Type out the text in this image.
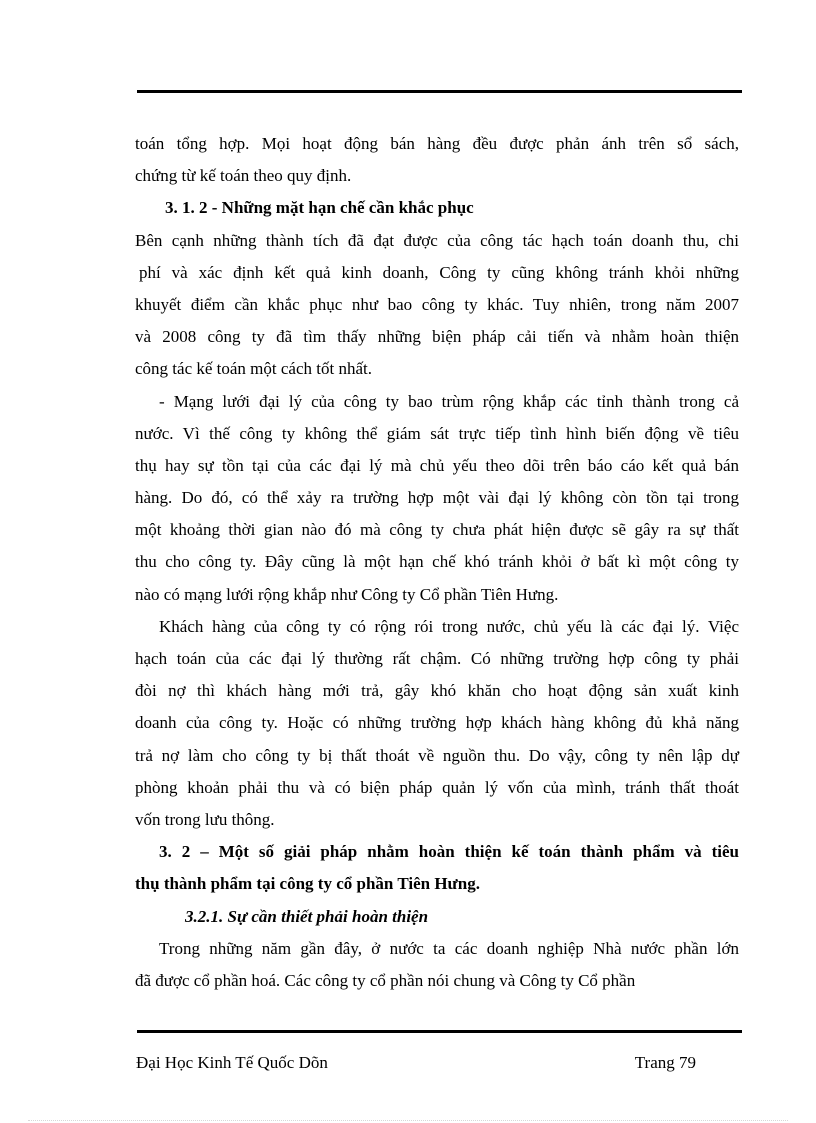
toán tổng hợp. Mọi hoạt động bán hàng đều được phản ánh trên sổ sách,
chứng từ kế toán theo quy định.
3. 1. 2 - Những mặt hạn chế cần khắc phục
Bên cạnh những thành tích đã đạt được của công tác hạch toán doanh thu, chi
phí và xác định kết quả kinh doanh, Công ty cũng không tránh khỏi những
khuyết điểm cần khắc phục như bao công ty khác. Tuy nhiên, trong năm 2007
và 2008 công ty đã tìm thấy những biện pháp cải tiến và nhằm hoàn thiện
công tác kế toán một cách tốt nhất.
- Mạng lưới đại lý của công ty bao trùm rộng khắp các tỉnh thành trong cả
nước. Vì thế công ty không thể giám sát trực tiếp tình hình biến động về tiêu
thụ hay sự tồn tại của các đại lý mà chủ yếu theo dõi trên báo cáo kết quả bán
hàng. Do đó, có thể xảy ra trường hợp một vài đại lý không còn tồn tại trong
một khoảng thời gian nào đó mà công ty chưa phát hiện được sẽ gây ra sự thất
thu cho công ty. Đây cũng là một hạn chế khó tránh khỏi ở bất kì một công ty
nào có mạng lưới rộng khắp như Công ty Cổ phần Tiên Hưng.
Khách hàng của công ty có rộng rói trong nước, chủ yếu là các đại lý. Việc
hạch toán của các đại lý thường rất chậm. Có những trường hợp công ty phải
đòi nợ thì khách hàng mới trả, gây khó khăn cho hoạt động sản xuất kinh
doanh của công ty. Hoặc có những trường hợp khách hàng không đủ khả năng
trả nợ làm cho công ty bị thất thoát về nguồn thu. Do vậy, công ty nên lập dự
phòng khoản phải thu và có biện pháp quản lý vốn của mình, tránh thất thoát
vốn trong lưu thông.
3. 2 – Một số giải pháp nhằm hoàn thiện kế toán thành phẩm và tiêu
thụ thành phẩm tại công ty cổ phần Tiên Hưng.
3.2.1. Sự cần thiết phải hoàn thiện
Trong những năm gần đây, ở nước ta các doanh nghiệp Nhà nước phần lớn
đã được cổ phần hoá. Các công ty cổ phần nói chung và Công ty Cổ phần
Đại Học Kinh Tế Quốc Dõn	Trang 79
